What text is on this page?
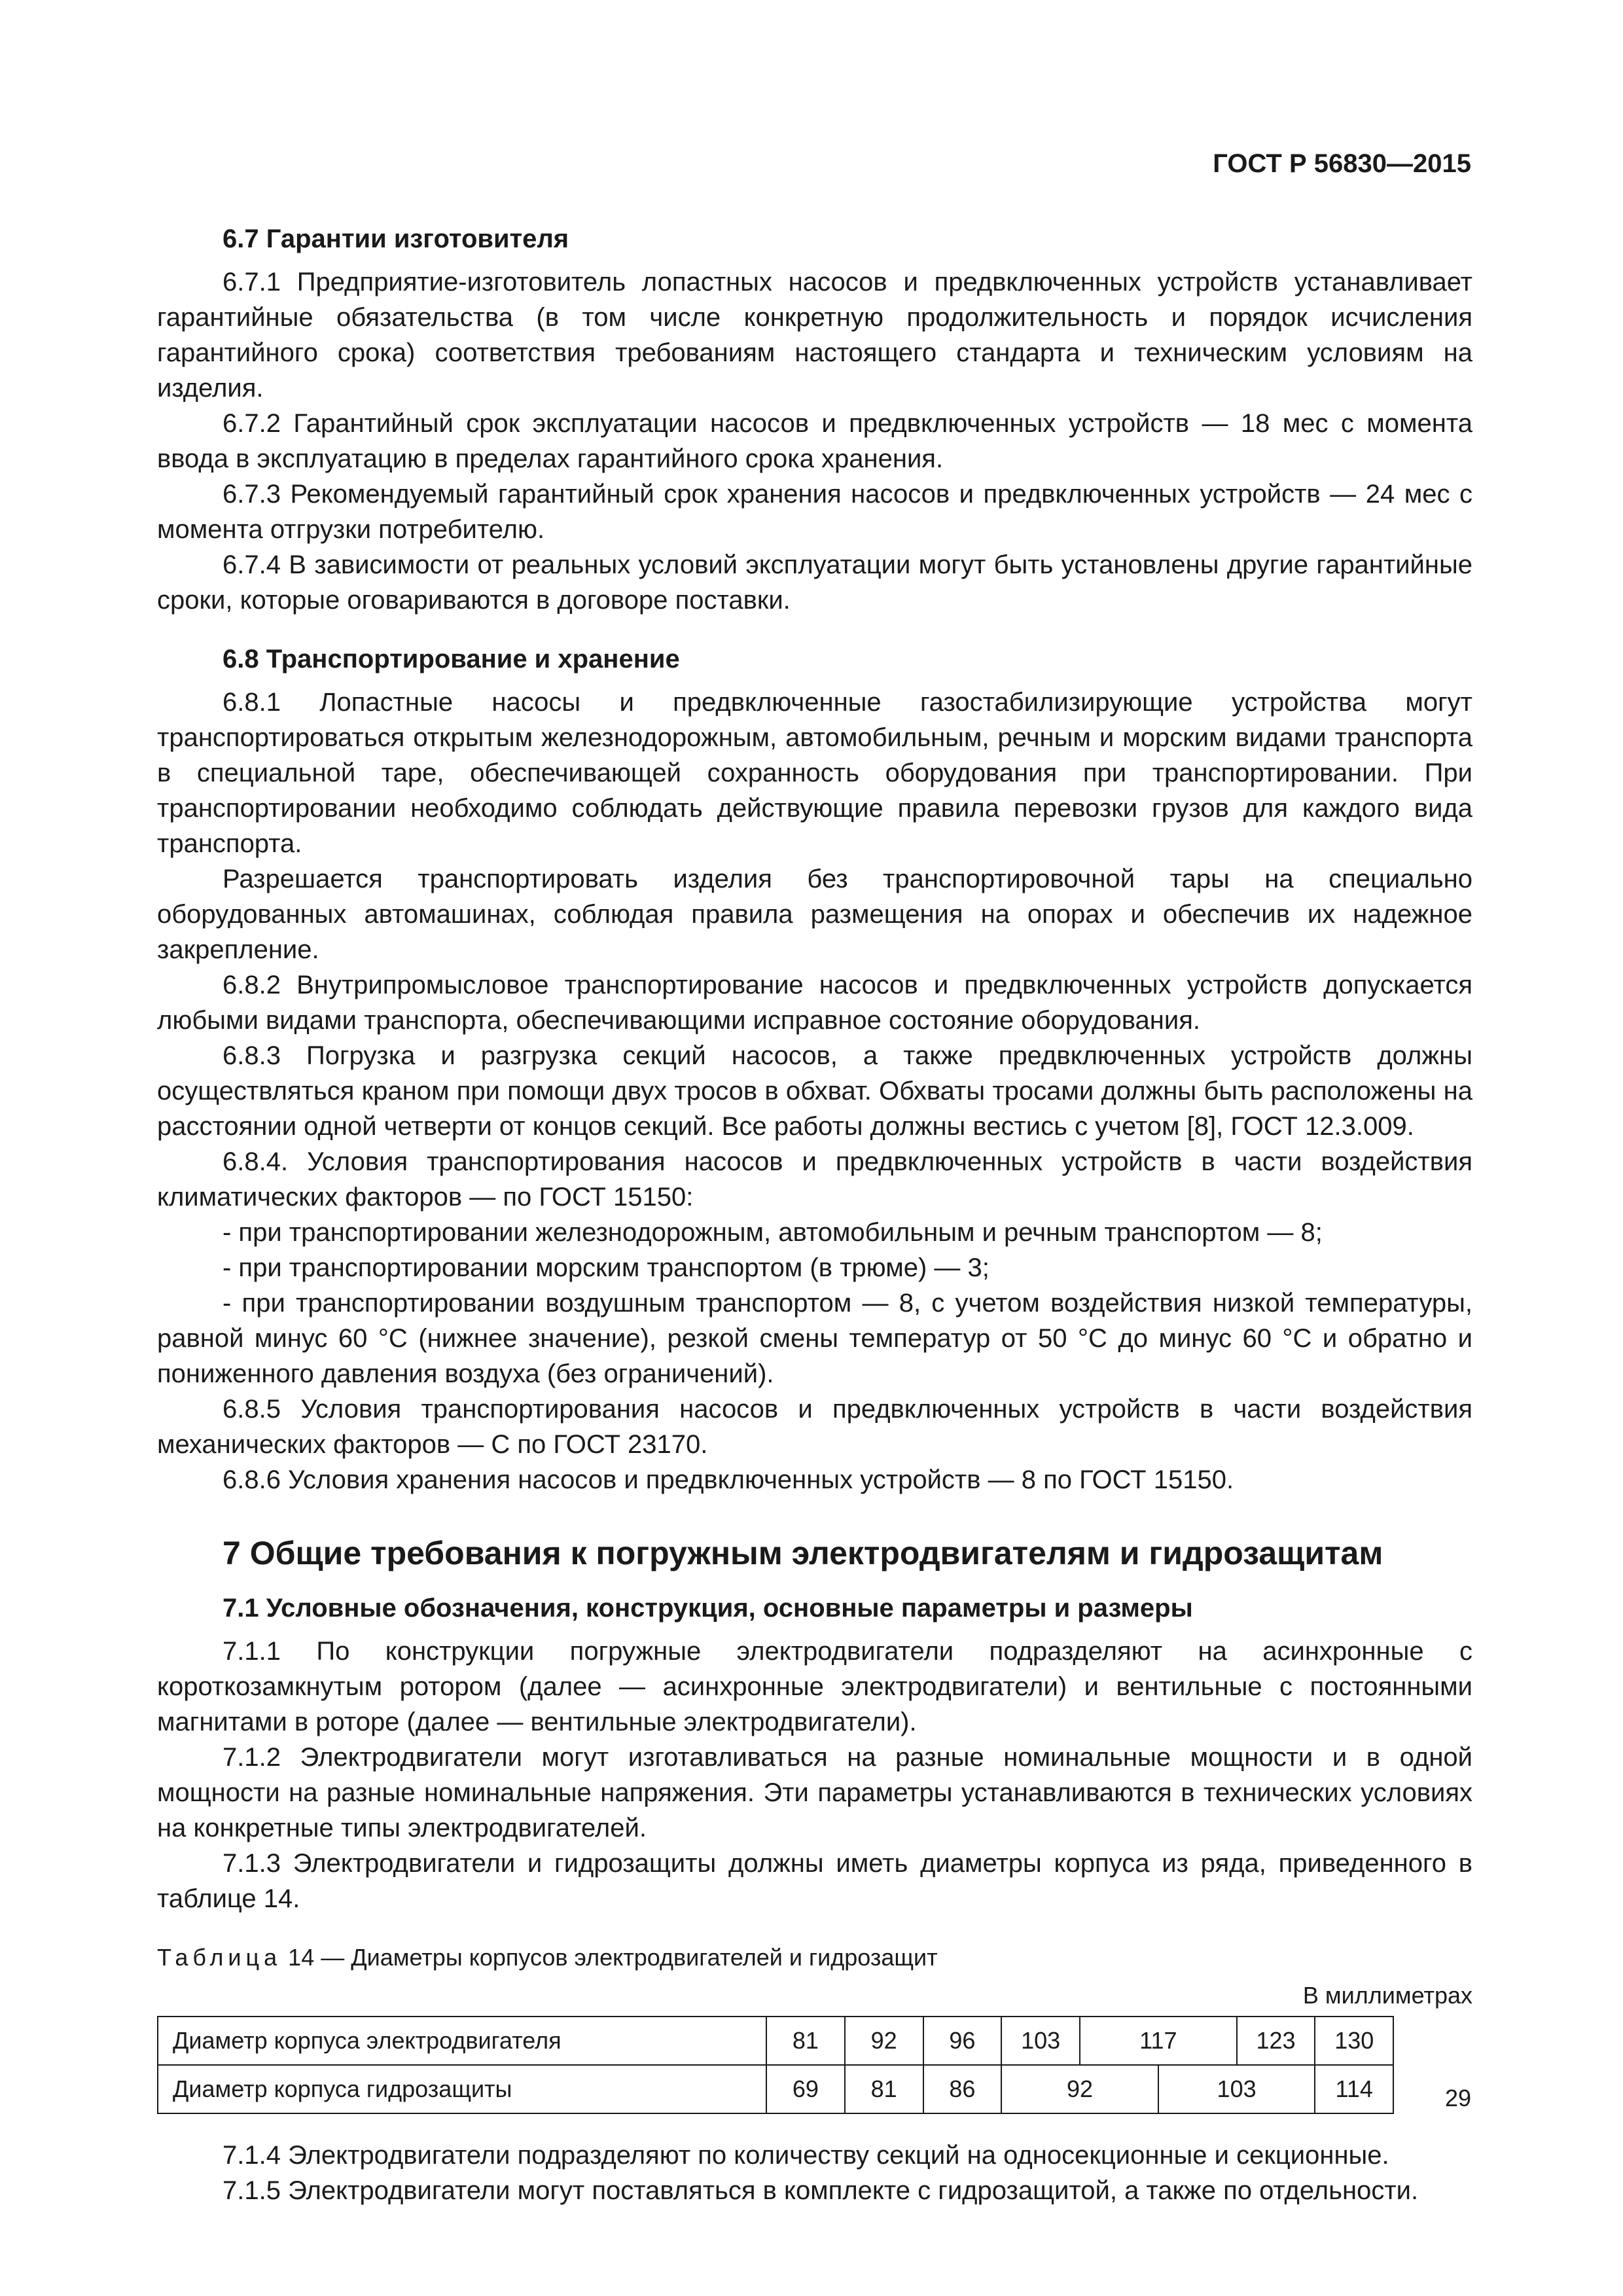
ГОСТ Р 56830—2015
6.7 Гарантии изготовителя

6.7.1 Предприятие-изготовитель лопастных насосов и предвключенных устройств устанавливает гарантийные обязательства (в том числе конкретную продолжительность и порядок исчисления гарантийного срока) соответствия требованиям настоящего стандарта и техническим условиям на изделия.

6.7.2 Гарантийный срок эксплуатации насосов и предвключенных устройств — 18 мес с момента ввода в эксплуатацию в пределах гарантийного срока хранения.

6.7.3 Рекомендуемый гарантийный срок хранения насосов и предвключенных устройств — 24 мес с момента отгрузки потребителю.

6.7.4 В зависимости от реальных условий эксплуатации могут быть установлены другие гарантийные сроки, которые оговариваются в договоре поставки.

6.8 Транспортирование и хранение

6.8.1 Лопастные насосы и предвключенные газостабилизирующие устройства могут транспортироваться открытым железнодорожным, автомобильным, речным и морским видами транспорта в специальной таре, обеспечивающей сохранность оборудования при транспортировании. При транспортировании необходимо соблюдать действующие правила перевозки грузов для каждого вида транспорта.

Разрешается транспортировать изделия без транспортировочной тары на специально оборудованных автомашинах, соблюдая правила размещения на опорах и обеспечив их надежное закрепление.

6.8.2 Внутрипромысловое транспортирование насосов и предвключенных устройств допускается любыми видами транспорта, обеспечивающими исправное состояние оборудования.

6.8.3 Погрузка и разгрузка секций насосов, а также предвключенных устройств должны осуществляться краном при помощи двух тросов в обхват. Обхваты тросами должны быть расположены на расстоянии одной четверти от концов секций. Все работы должны вестись с учетом [8], ГОСТ 12.3.009.

6.8.4. Условия транспортирования насосов и предвключенных устройств в части воздействия климатических факторов — по ГОСТ 15150:

- при транспортировании железнодорожным, автомобильным и речным транспортом — 8;

- при транспортировании морским транспортом (в трюме) — 3;

- при транспортировании воздушным транспортом — 8, с учетом воздействия низкой температуры, равной минус 60 °С (нижнее значение), резкой смены температур от 50 °С до минус 60 °С и обратно и пониженного давления воздуха (без ограничений).

6.8.5 Условия транспортирования насосов и предвключенных устройств в части воздействия механических факторов — С по ГОСТ 23170.

6.8.6 Условия хранения насосов и предвключенных устройств — 8 по ГОСТ 15150.

7 Общие требования к погружным электродвигателям и гидрозащитам
7.1 Условные обозначения, конструкция, основные параметры и размеры

7.1.1 По конструкции погружные электродвигатели подразделяют на асинхронные с короткозамкнутым ротором (далее — асинхронные электродвигатели) и вентильные с постоянными магнитами в роторе (далее — вентильные электродвигатели).

7.1.2 Электродвигатели могут изготавливаться на разные номинальные мощности и в одной мощности на разные номинальные напряжения. Эти параметры устанавливаются в технических условиях на конкретные типы электродвигателей.

7.1.3 Электродвигатели и гидрозащиты должны иметь диаметры корпуса из ряда, приведенного в таблице 14.

Таблица 14 — Диаметры корпусов электродвигателей и гидрозащит
В миллиметрах
Диаметр корпуса электродвигателя	81	92	96	103	117		123	130
Диаметр корпуса гидрозащиты	69	81	86	92		103		114

7.1.4 Электродвигатели подразделяют по количеству секций на односекционные и секционные.

7.1.5 Электродвигатели могут поставляться в комплекте с гидрозащитой, а также по отдельности.

29
